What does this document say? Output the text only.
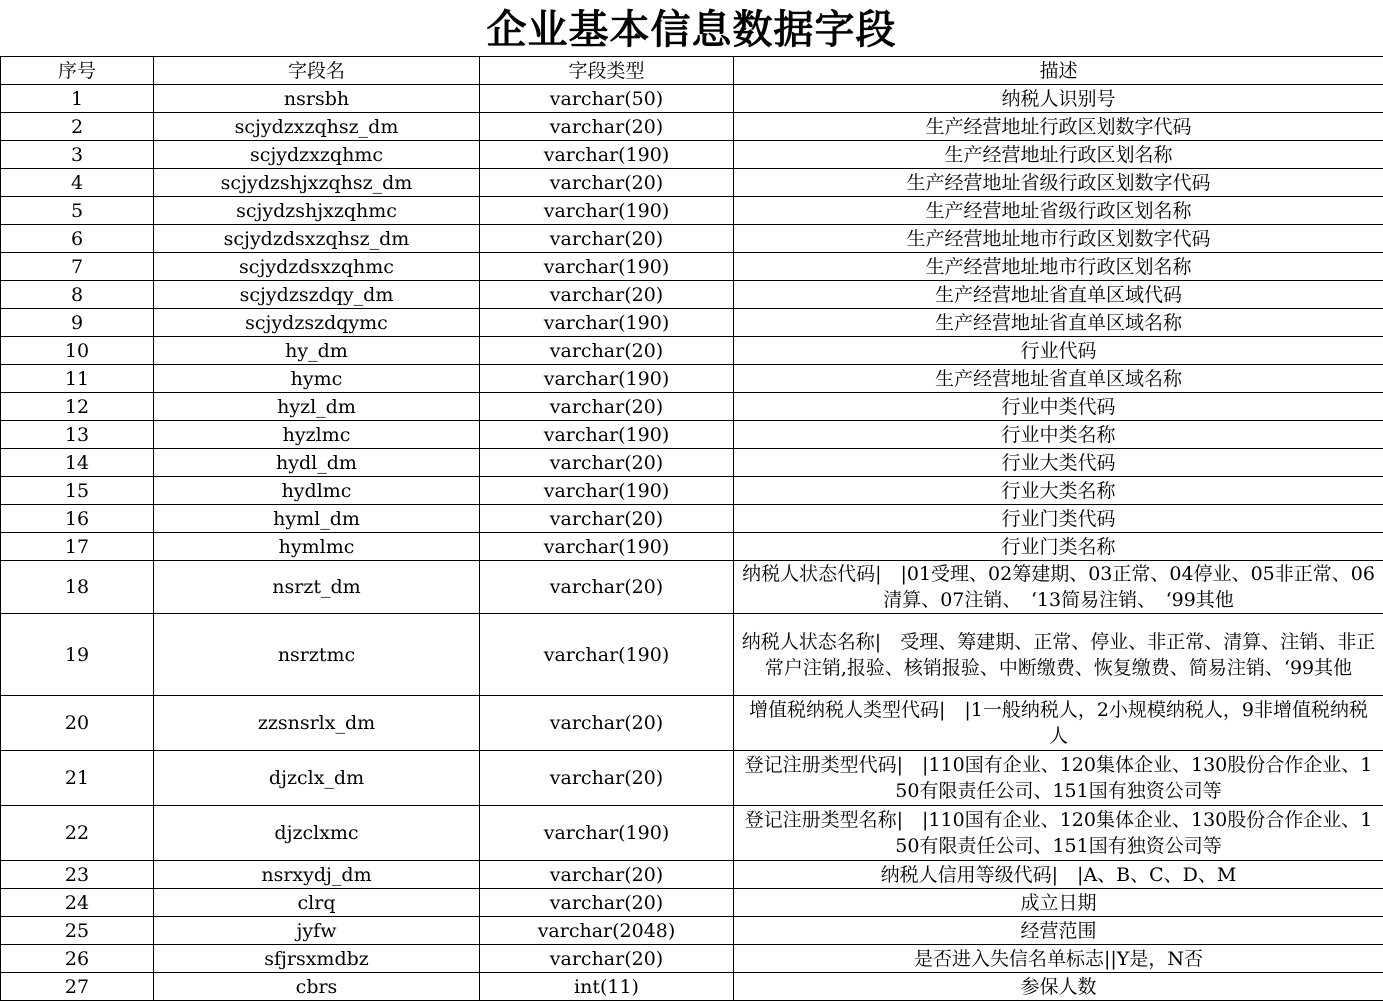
企业基本信息数据字段
序号	字段名	字段类型	描述
1	nsrsbh	varchar(50)	纳税人识别号
2	scjydzxzqhsz_dm	varchar(20)	生产经营地址行政区划数字代码
3	scjydzxzqhmc	varchar(190)	生产经营地址行政区划名称
4	scjydzshjxzqhsz_dm	varchar(20)	生产经营地址省级行政区划数字代码
5	scjydzshjxzqhmc	varchar(190)	生产经营地址省级行政区划名称
6	scjydzdsxzqhsz_dm	varchar(20)	生产经营地址地市行政区划数字代码
7	scjydzdsxzqhmc	varchar(190)	生产经营地址地市行政区划名称
8	scjydzszdqy_dm	varchar(20)	生产经营地址省直单区域代码
9	scjydzszdqymc	varchar(190)	生产经营地址省直单区域名称
10	hy_dm	varchar(20)	行业代码
11	hymc	varchar(190)	生产经营地址省直单区域名称
12	hyzl_dm	varchar(20)	行业中类代码
13	hyzlmc	varchar(190)	行业中类名称
14	hydl_dm	varchar(20)	行业大类代码
15	hydlmc	varchar(190)	行业大类名称
16	hyml_dm	varchar(20)	行业门类代码
17	hymlmc	varchar(190)	行业门类名称
18	nsrzt_dm	varchar(20)	纳税人状态代码|　|01受理、02筹建期、03正常、04停业、05非正常、06清算、07注销、　‘13简易注销、　‘99其他
19	nsrztmc	varchar(190)	纳税人状态名称|　受理、筹建期、正常、停业、非正常、清算、注销、非正常户注销,报验、核销报验、中断缴费、恢复缴费、简易注销、‘99其他
20	zzsnsrlx_dm	varchar(20)	增值税纳税人类型代码|　|1一般纳税人，2小规模纳税人，9非增值税纳税人
21	djzclx_dm	varchar(20)	登记注册类型代码|　|110国有企业、120集体企业、130股份合作企业、150有限责任公司、151国有独资公司等
22	djzclxmc	varchar(190)	登记注册类型名称|　|110国有企业、120集体企业、130股份合作企业、150有限责任公司、151国有独资公司等
23	nsrxydj_dm	varchar(20)	纳税人信用等级代码|　|A、B、C、D、M
24	clrq	varchar(20)	成立日期
25	jyfw	varchar(2048)	经营范围
26	sfjrsxmdbz	varchar(20)	是否进入失信名单标志||Y是，N否
27	cbrs	int(11)	参保人数
